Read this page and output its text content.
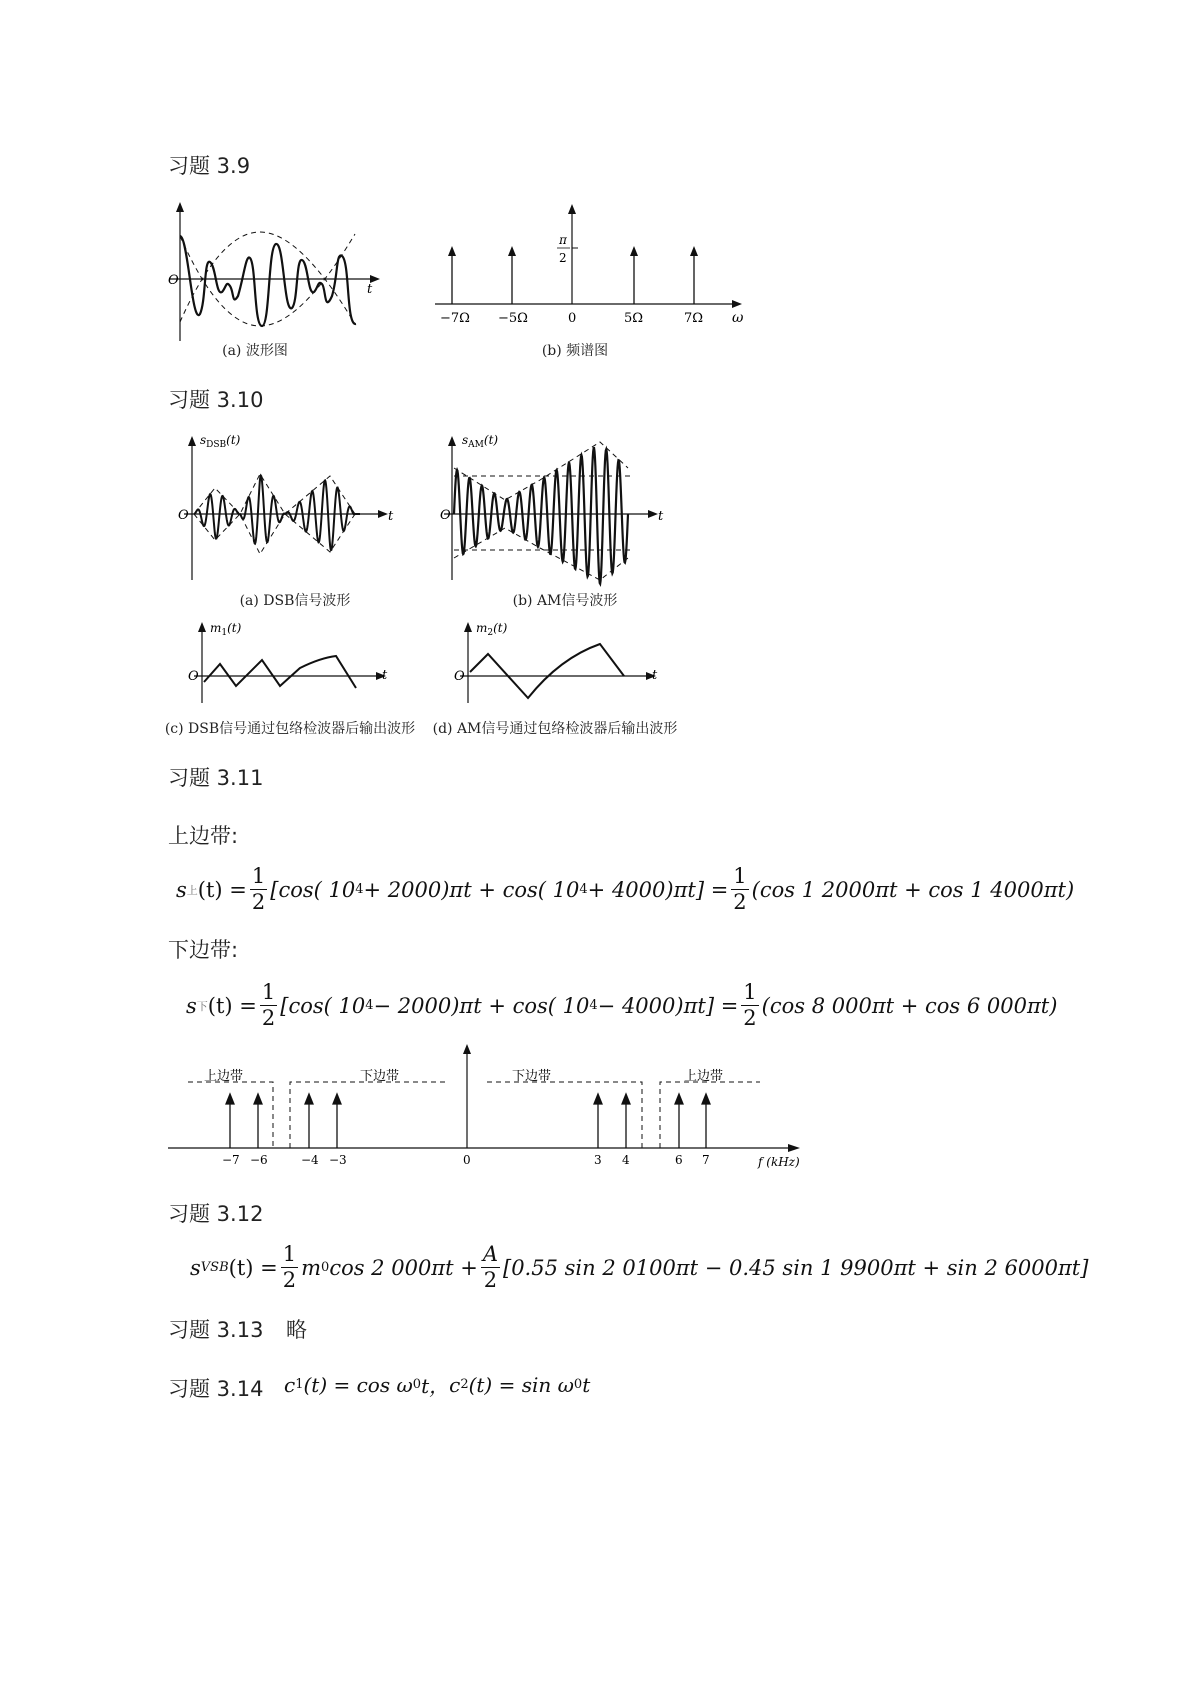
习题 3.9
O
t
(a) 波形图
π
2
−7Ω −5Ω	0	5Ω	7Ω ω
(b) 频谱图
习题 3.10
$s_{DSB}(t)$
O	t
(a) DSB信号波形
$s_{AM}(t)$
O	t
(b) AM信号波形
$m_1(t)$
O	t
(c) DSB信号通过包络检波器后输出波形
$m_2(t)$
O	t
(d) AM信号通过包络检波器后输出波形
习题 3.11
上边带:
s 上 $(t) = \frac{1}{2} [\cos$( 10 4 + 2000)πt + cos( 10 $4 + 4000)\pi t] = \frac{1}{2} (\cos$ 1 2000πt + cos 1 4000πt)
下边带:
s 下 $(t) = \frac{1}{2} [\cos$( 10 4 − 2000)πt + cos( 10 $4 - 4000)\pi t] = \frac{1}{2} (\cos$ 8 000πt + cos 6 000πt)
上边带	下边带	下边带	上边带
−7 −6	−4 −3	0	3 4	6 7	f (kHz)
习题 3.12
s VSB $(t) = \frac{1}{2}$ m 0 cos 2 $000\pi t + \frac{A}{2} [0.55$ sin 2 0100πt − 0.45 sin 1 9900πt + sin 2 6000πt]
习题 3.13 略
习题 3.14 c 1 (t) = cos ω 0 t， c 2 (t) = sin ω 0 t
